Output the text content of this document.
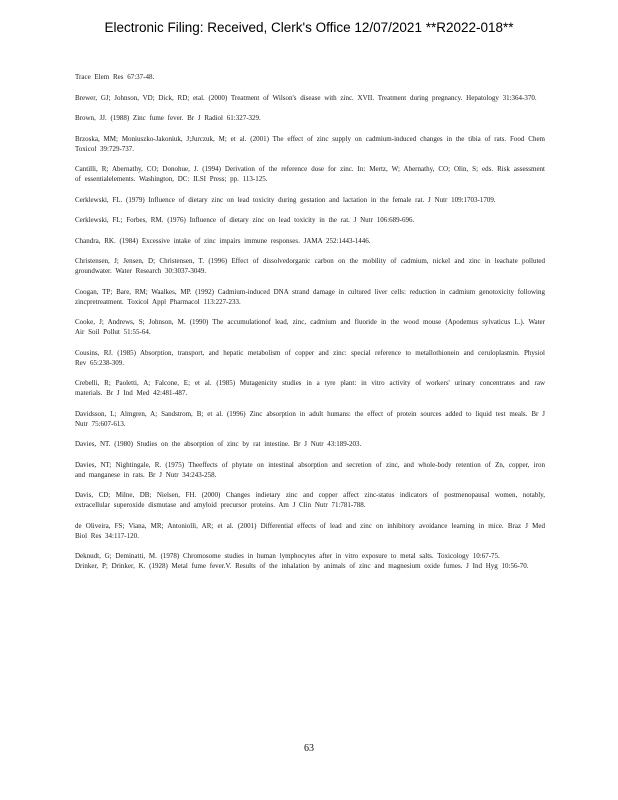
Electronic Filing: Received, Clerk's Office 12/07/2021 **R2022-018**

Trace Elem Res 67:37-48.

Brewer, GJ; Johnson, VD; Dick, RD; etal. (2000) Treatment of Wilson's disease with zinc. XVII. Treatment during pregnancy. Hepatology 31:364-370.

Brown, JJ. (1988) Zinc fume fever. Br J Radiol 61:327-329.

Brzoska, MM; Moniuszko-Jakoniuk, J;Jurczuk, M; et al. (2001) The effect of zinc supply on cadmium-induced changes in the tibia of rats. Food Chem Toxicol 39:729-737.

Cantilli, R; Abernathy, CO; Donohue, J. (1994) Derivation of the reference dose for zinc. In: Mertz, W; Abernathy, CO; Olin, S; eds. Risk assessment of essentialelements. Washington, DC: ILSI Press; pp. 113-125.

Cerklewski, FL. (1979) Influence of dietary zinc on lead toxicity during gestation and lactation in the female rat. J Nutr 109:1703-1709.

Cerklewski, FL; Forbes, RM. (1976) Influence of dietary zinc on lead toxicity in the rat. J Nutr 106:689-696.

Chandra, RK. (1984) Excessive intake of zinc impairs immune responses. JAMA 252:1443-1446.

Christensen, J; Jensen, D; Christensen, T. (1996) Effect of dissolvedorganic carbon on the mobility of cadmium, nickel and zinc in leachate polluted groundwater. Water Research 30:3037-3049.

Coogan, TP; Bare, RM; Waalkes, MP. (1992) Cadmium-induced DNA strand damage in cultured liver cells: reduction in cadmium genotoxicity following zincpretreatment. Toxicol Appl Pharmacol 113:227-233.

Cooke, J; Andrews, S; Johnson, M. (1990) The accumulationof lead, zinc, cadmium and fluoride in the wood mouse (Apodemus sylvaticus L.). Water Air Soil Pollut 51:55-64.

Cousins, RJ. (1985) Absorption, transport, and hepatic metabolism of copper and zinc: special reference to metallothionein and ceruloplasmin. Physiol Rev 65:238-309.

Crebelli, R; Paoletti, A; Falcone, E; et al. (1985) Mutagenicity studies in a tyre plant: in vitro activity of workers' urinary concentrates and raw materials. Br J Ind Med 42:481-487.

Davidsson, L; Almgren, A; Sandstrom, B; et al. (1996) Zinc absorption in adult humans: the effect of protein sources added to liquid test meals. Br J Nutr 75:607-613.

Davies, NT. (1980) Studies on the absorption of zinc by rat intestine. Br J Nutr 43:189-203.

Davies, NT; Nightingale, R. (1975) Theeffects of phytate on intestinal absorption and secretion of zinc, and whole-body retention of Zn, copper, iron and manganese in rats. Br J Nutr 34:243-258.

Davis, CD; Milne, DB; Nielsen, FH. (2000) Changes indietary zinc and copper affect zinc-status indicators of postmenopausal women, notably, extracellular superoxide dismutase and amyloid precursor proteins. Am J Clin Nutr 71:781-788.

de Oliveira, FS; Viana, MR; Antoniolli, AR; et al. (2001) Differential effects of lead and zinc on inhibitory avoidance learning in mice. Braz J Med Biol Res 34:117-120.

Deknudt, G; Deminatti, M. (1978) Chromosome studies in human lymphocytes after in vitro exposure to metal salts. Toxicology 10:67-75.

Drinker, P; Drinker, K. (1928) Metal fume fever.V. Results of the inhalation by animals of zinc and magnesium oxide fumes. J Ind Hyg 10:56-70.

63
